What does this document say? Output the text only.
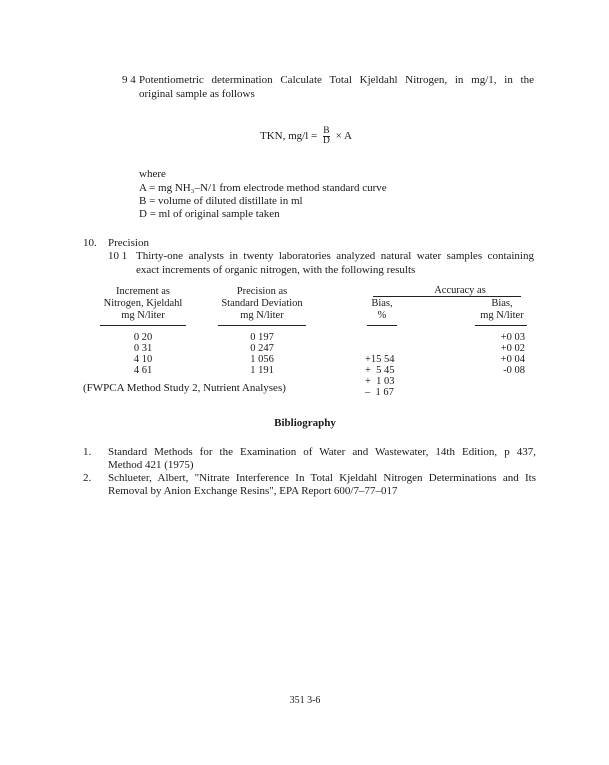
9 4 Potentiometric determination Calculate Total Kjeldahl Nitrogen, in mg/1, in the
original sample as follows
TKN, $mg/l = \frac{B}{D} \times A$
where
A = mg NH₃–N/1 from electrode method standard curve
B = volume of diluted distillate in ml
D = ml of original sample taken
10. Precision
10 1 Thirty-one analysts in twenty laboratories analyzed natural water samples containing
exact increments of organic nitrogen, with the following results
Increment as
Nitrogen, Kjeldahl
mg N/liter
Precision as
Standard Deviation
mg N/liter
Accuracy as
Bias,
%
Bias,
mg N/liter
0 20
0 31
4 10
4 61
0 197
0 247
1 056
1 191

+15 54
+  5 45
+  1 03
–  1 67

+0 03
+0 02
+0 04
-0 08
(FWPCA Method Study 2, Nutrient Analyses)
Bibliography
1. Standard Methods for the Examination of Water and Wastewater, 14th Edition, p 437,
Method 421 (1975)
2. Schlueter, Albert, "Nitrate Interference In Total Kjeldahl Nitrogen Determinations and Its
Removal by Anion Exchange Resins", EPA Report 600/7–77–017
351 3-6
